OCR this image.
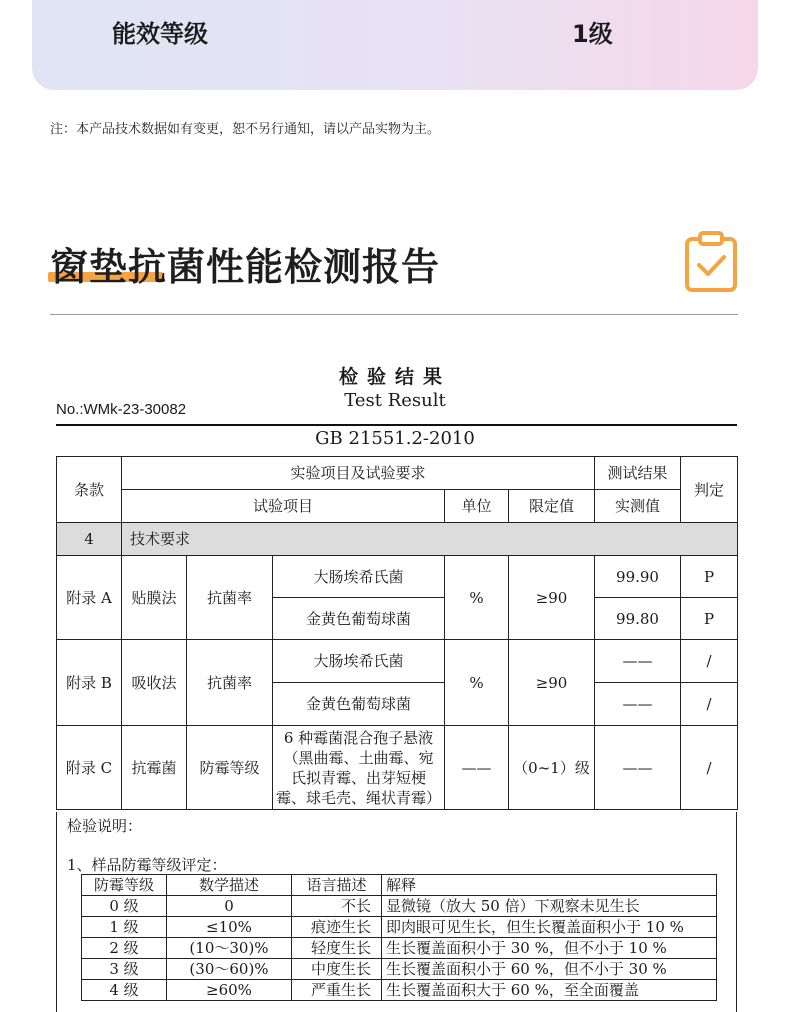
能效等级	1级
注：本产品技术数据如有变更，恕不另行通知，请以产品实物为主。
窗垫抗菌性能检测报告
检验结果
Test Result
No.:WMk-23-30082
GB 21551.2-2010
条款	实验项目及试验要求					测试结果	判定
	试验项目			单位	限定值	实测值	
4	技术要求						
附录 A	贴膜法	抗菌率	大肠埃希氏菌	%	≥90	99.90	P
			金黄色葡萄球菌			99.80	P
附录 B	吸收法	抗菌率	大肠埃希氏菌	%	≥90	——	/
			金黄色葡萄球菌			——	/
附录 C	抗霉菌	防霉等级	6 种霉菌混合孢子悬液
（黑曲霉、土曲霉、宛
氏拟青霉、出芽短梗
霉、球毛壳、绳状青霉）	——	（0~1）级	——	/
检验说明：
1、样品防霉等级评定：
防霉等级	数学描述	语言描述	解释
0 级	0	不长	显微镜（放大 50 倍）下观察未见生长
1 级	≤10%	痕迹生长	即肉眼可见生长，但生长覆盖面积小于 10 %
2 级	(10～30)%	轻度生长	生长覆盖面积小于 30 %，但不小于 10 %
3 级	(30～60)%	中度生长	生长覆盖面积小于 60 %，但不小于 30 %
4 级	≥60%	严重生长	生长覆盖面积大于 60 %，至全面覆盖
